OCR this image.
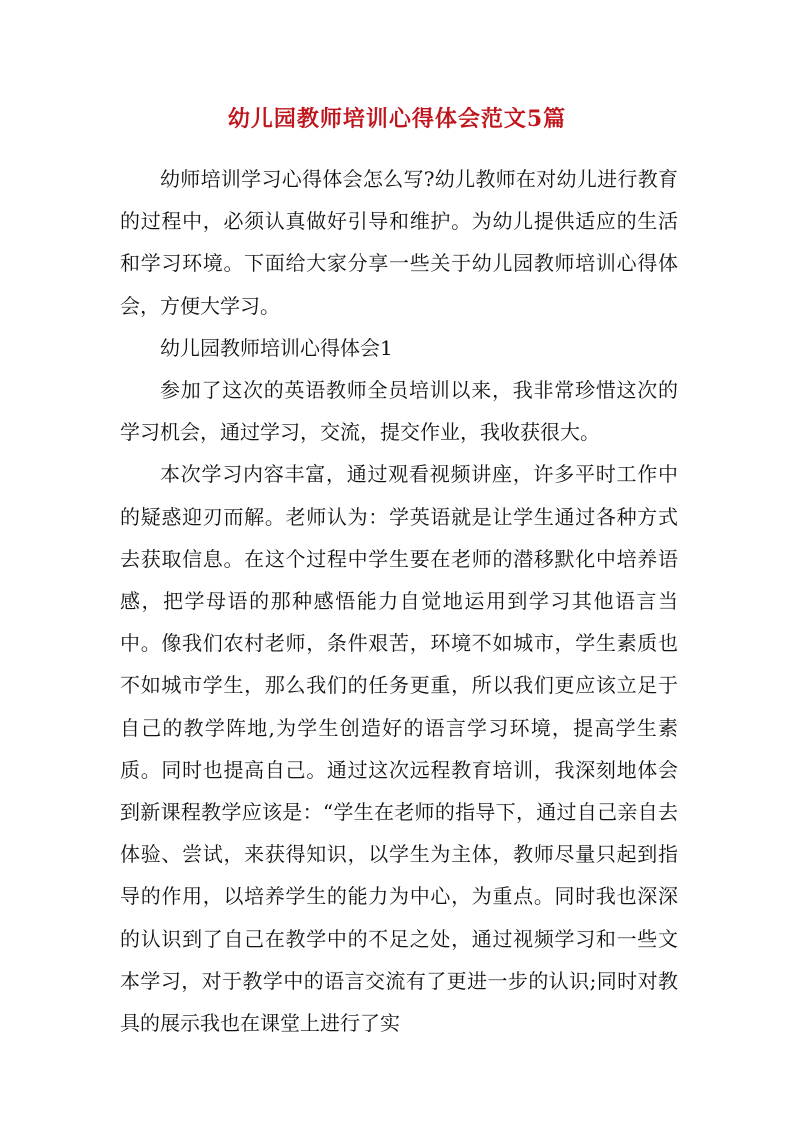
幼儿园教师培训心得体会范文5篇

幼师培训学习心得体会怎么写?幼儿教师在对幼儿进行教育的过程中，必须认真做好引导和维护。为幼儿提供适应的生活和学习环境。下面给大家分享一些关于幼儿园教师培训心得体会，方便大学习。

幼儿园教师培训心得体会1

参加了这次的英语教师全员培训以来，我非常珍惜这次的学习机会，通过学习，交流，提交作业，我收获很大。

本次学习内容丰富，通过观看视频讲座，许多平时工作中的疑惑迎刃而解。老师认为：学英语就是让学生通过各种方式去获取信息。在这个过程中学生要在老师的潜移默化中培养语感，把学母语的那种感悟能力自觉地运用到学习其他语言当中。像我们农村老师，条件艰苦，环境不如城市，学生素质也不如城市学生，那么我们的任务更重，所以我们更应该立足于自己的教学阵地,为学生创造好的语言学习环境，提高学生素质。同时也提高自己。通过这次远程教育培训，我深刻地体会到新课程教学应该是：“学生在老师的指导下，通过自己亲自去体验、尝试，来获得知识，以学生为主体，教师尽量只起到指导的作用，以培养学生的能力为中心，为重点。同时我也深深的认识到了自己在教学中的不足之处，通过视频学习和一些文本学习，对于教学中的语言交流有了更进一步的认识;同时对教具的展示我也在课堂上进行了实
